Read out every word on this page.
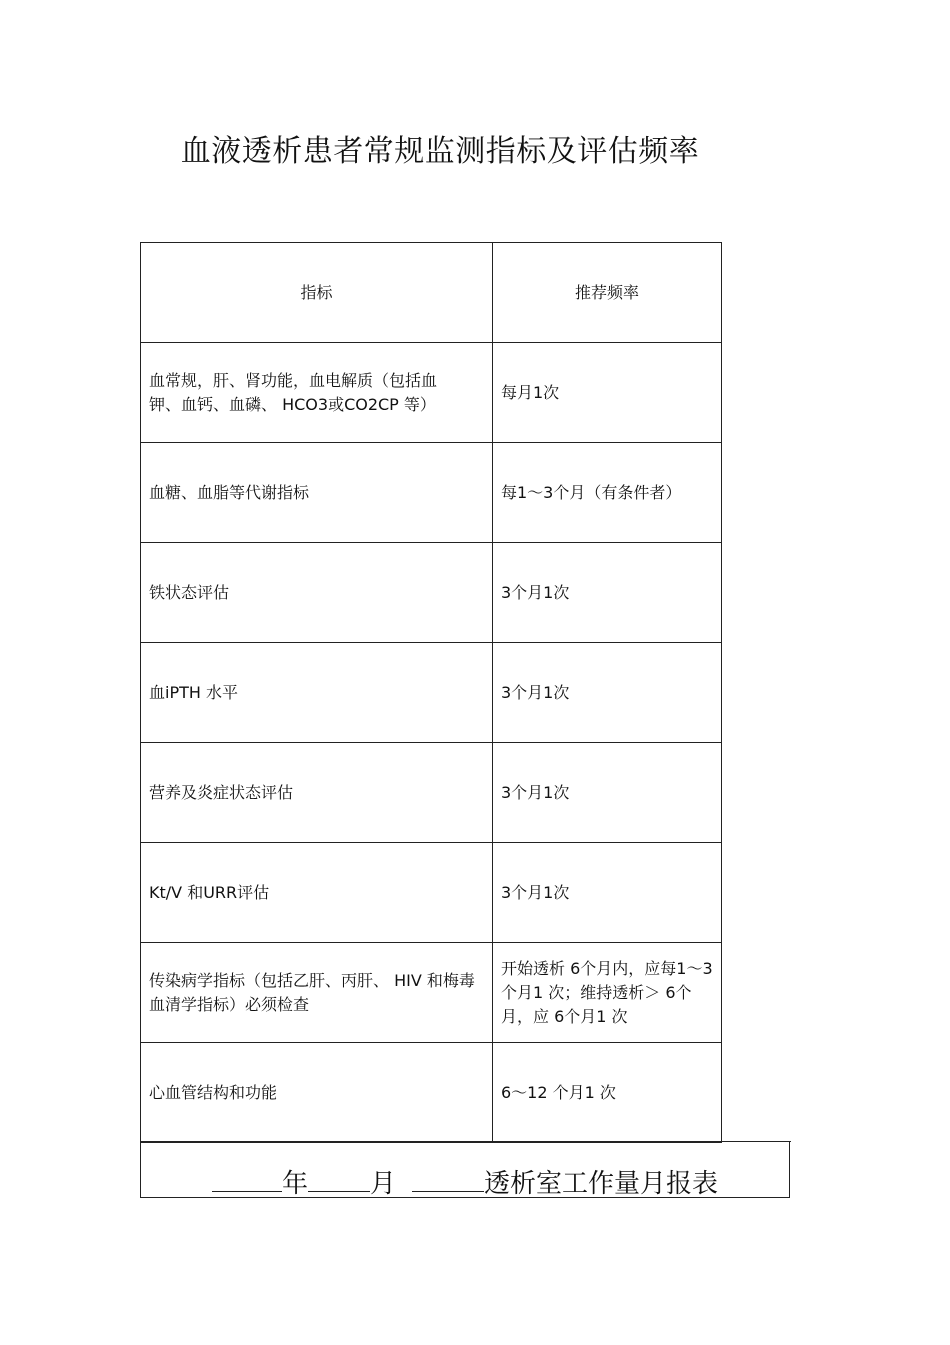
血液透析患者常规监测指标及评估频率
指标	推荐频率
血常规，肝、肾功能，血电解质（包括血钾、血钙、血磷、 HCO3或CO2CP 等）	每月1次
血糖、血脂等代谢指标	每1～3个月（有条件者）
铁状态评估	3个月1次
血iPTH 水平	3个月1次
营养及炎症状态评估	3个月1次
Kt/V 和URR评估	3个月1次
传染病学指标（包括乙肝、丙肝、 HIV 和梅毒血清学指标）必须检查	开始透析 6个月内，应每1～3个月1 次；维持透析＞ 6个月，应 6个月1 次
心血管结构和功能	6～12 个月1 次
年 月	透析室工作量月报表
